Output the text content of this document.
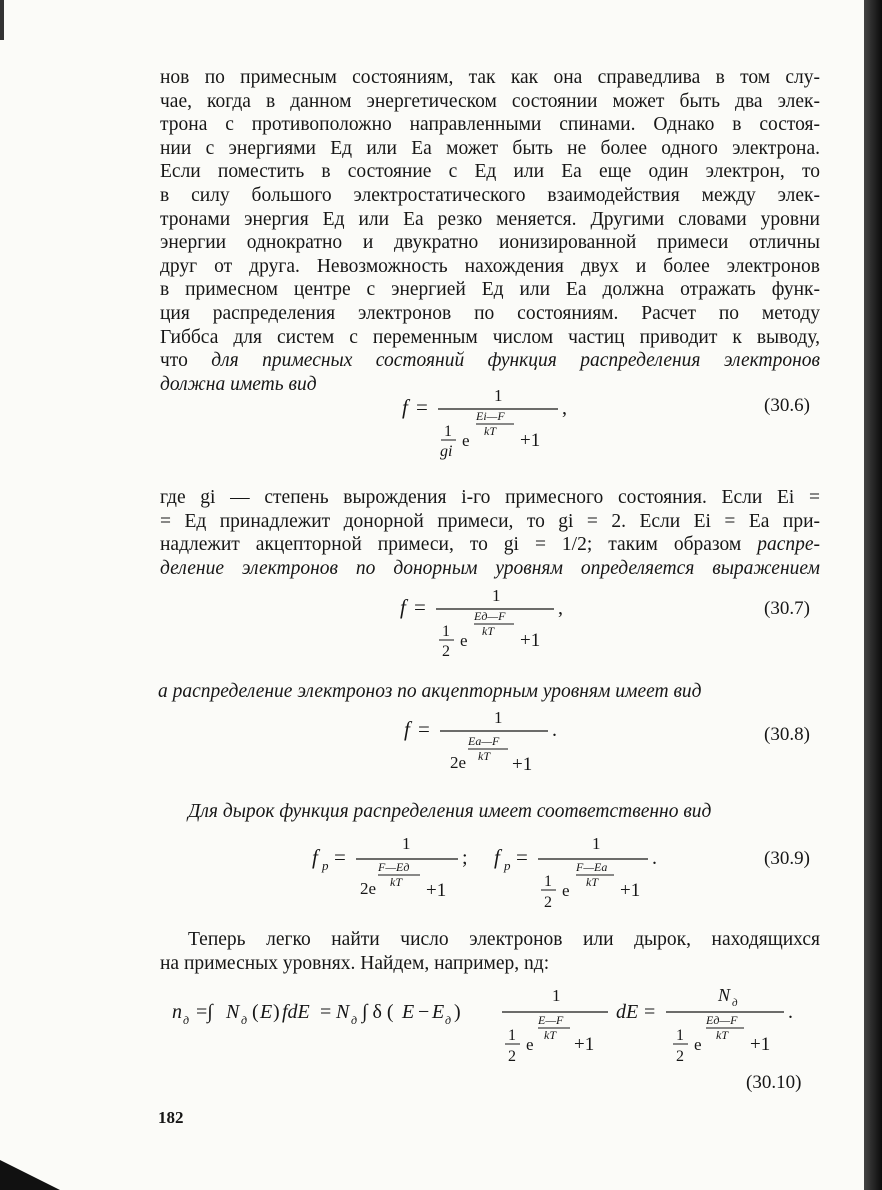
нов по примесным состояниям, так как она справедлива в том слу-
чае, когда в данном энергетическом состоянии может быть два элек-
трона с противоположно направленными спинами. Однако в состоя-
нии с энергиями Eд или Eа может быть не более одного электрона.
Если поместить в состояние с Eд или Eа еще один электрон, то
в силу большого электростатического взаимодействия между элек-
тронами энергия Eд или Eа резко меняется. Другими словами уровни
энергии однократно и двукратно ионизированной примеси отличны
друг от друга. Невозможность нахождения двух и более электронов
в примесном центре с энергией Eд или Eа должна отражать функ-
ция распределения электронов по состояниям. Расчет по методу
Гиббса для систем с переменным числом частиц приводит к выводу,
что для примесных состояний функция распределения электронов
должна иметь вид
f =	1
,
1
gi
e
Ei—F
kT +1
(30.6)
где gi — степень вырождения i-го примесного состояния. Если Ei =
= Eд принадлежит донорной примеси, то gi = 2. Если Ei = Eа при-
надлежит акцепторной примеси, то gi = 1/2; таким образом распре-
деление электронов по донорным уровням определяется выражением
f =	1
,
1
2
e
Eд—F
kT +1
(30.7)
а распределение электроноз по акцепторным уровням имеет вид
f =	1
.
2e
Eа—F
kT +1
(30.8)
Для дырок функция распределения имеет соответственно вид
f p =
1
;
2e
F—Eд
kT +1
f p =
1
.
1
2
e
F—Eа
kT +1
(30.9)
Теперь легко найти число электронов или дырок, находящихся
на примесных уровнях. Найдем, например, nд:
n д =∫ N д ( E ) fdE = N д ∫ δ ( E − E д )
1
1
2
e
E—F
kT +1
dE =
N д	.
1
2
e
Eд—F
kT +1
(30.10)
182
